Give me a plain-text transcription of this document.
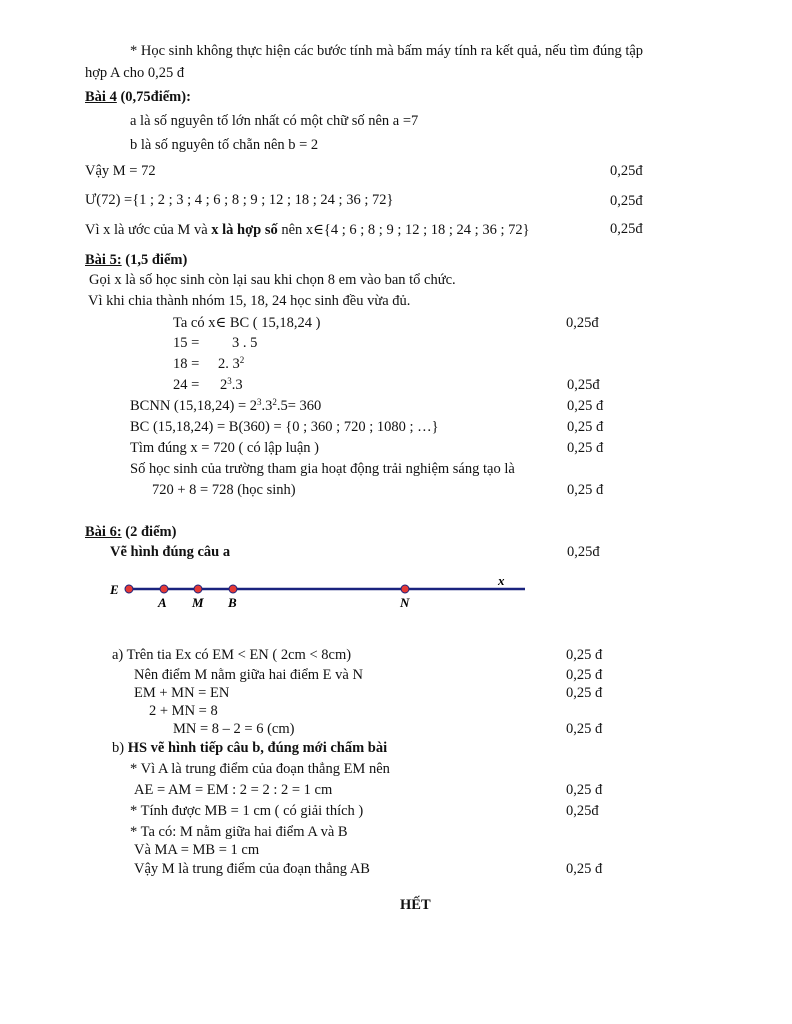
* Học sinh không thực hiện các bước tính mà bấm máy tính ra kết quả, nếu tìm đúng tập
hợp A cho 0,25 đ
Bài 4 (0,75điểm):
a là số nguyên tố lớn nhất có một chữ số nên a =7
b là số nguyên tố chẵn nên b = 2
Vậy M = 72	0,25đ
Ư(72) ={1 ; 2 ; 3 ; 4 ; 6 ; 8 ; 9 ; 12 ; 18 ; 24 ; 36 ; 72}	0,25đ
Vì x là ước của M và x là hợp số nên x∈{4 ; 6 ; 8 ; 9 ; 12 ; 18 ; 24 ; 36 ; 72}	0,25đ
Bài 5: (1,5 điểm)
Gọi x là số học sinh còn lại sau khi chọn 8 em vào ban tổ chức.
Vì khi chia thành nhóm 15, 18, 24 học sinh đều vừa đủ.
Ta có x∈ BC ( 15,18,24 )	0,25đ
15 = 3 . 5
18 = 2. $3^2$
$24 = 2^3.3$	0,25đ
BCNN $(15,18,24) = 2^3.3^2.5= 360$	0,25 đ
BC (15,18,24) = B(360) = {0 ; 360 ; 720 ; 1080 ; …}	0,25 đ
Tìm đúng x = 720 ( có lập luận )	0,25 đ
Số học sinh của trường tham gia hoạt động trải nghiệm sáng tạo là
720 + 8 = 728 (học sinh)	0,25 đ
Bài 6: (2 điểm)
Vẽ hình đúng câu a	0,25đ
E
A M B	N
x
a) Trên tia Ex có EM < EN ( 2cm < 8cm)	0,25 đ
Nên điểm M nằm giữa hai điểm E và N	0,25 đ
EM + MN = EN	0,25 đ
2 + MN = 8
MN = 8 – 2 = 6 (cm)	0,25 đ
b) HS vẽ hình tiếp câu b, đúng mới chấm bài
* Vì A là trung điểm của đoạn thẳng EM nên
AE = AM = EM : 2 = 2 : 2 = 1 cm	0,25 đ
* Tính được MB = 1 cm ( có giải thích )	0,25đ
* Ta có: M nằm giữa hai điểm A và B
Và MA = MB = 1 cm
Vậy M là trung điểm của đoạn thẳng AB	0,25 đ
HẾT
